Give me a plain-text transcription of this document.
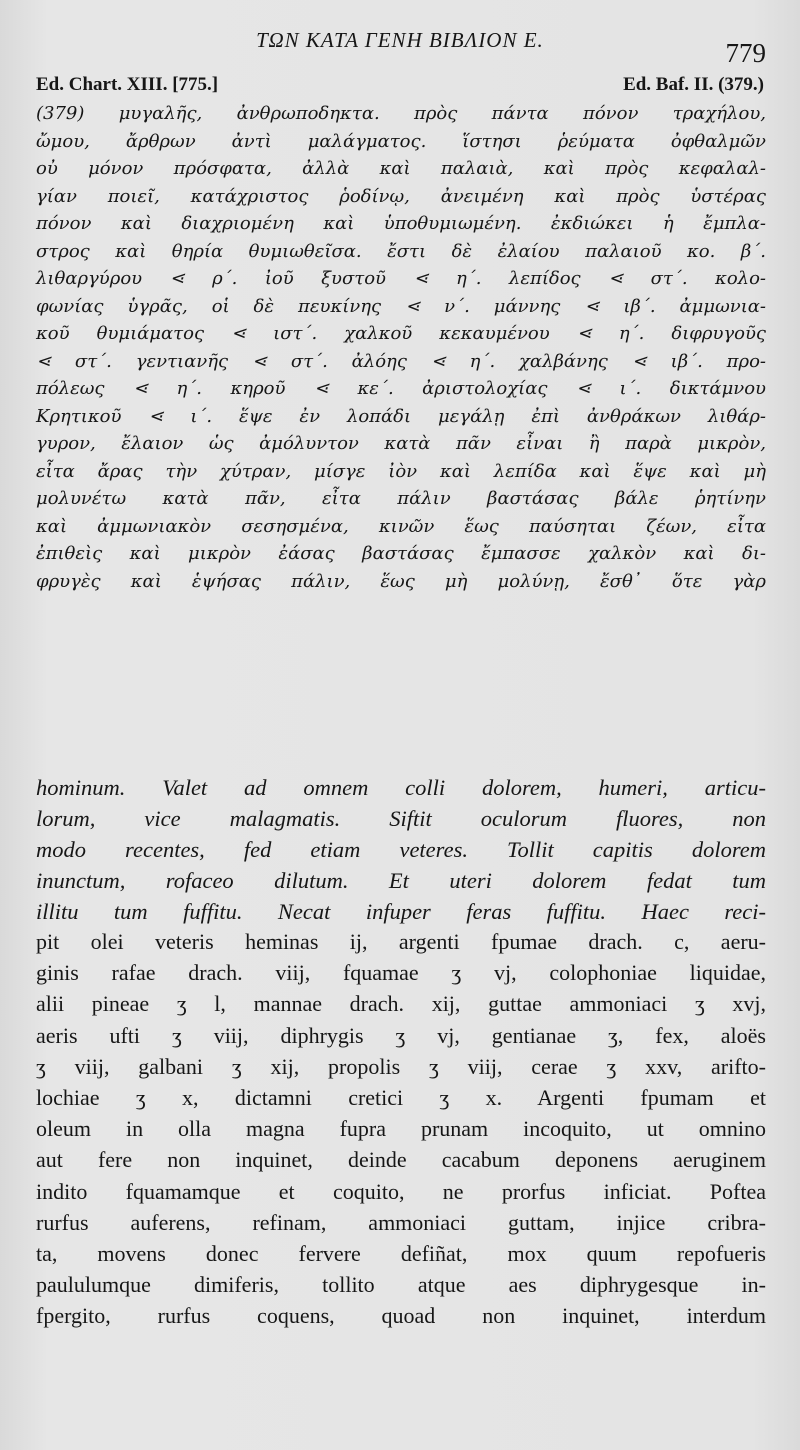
ΤΩΝ ΚΑΤΑ ΓΕΝΗ ΒΙΒΛΙΟΝ Ε.	779
Ed. Chart. XIII. [775.]	Ed. Baf. II. (379.)
(379) μυγαλῆς, ἀνθρωποδηκτα. πρὸς πάντα πόνον τραχήλου,
ὤμου, ἄρθρων ἀντὶ μαλάγματος. ἵστησι ῥεύματα ὀφθαλμῶν
οὐ μόνον πρόσφατα, ἀλλὰ καὶ παλαιὰ, καὶ πρὸς κεφαλαλ-
γίαν ποιεῖ, κατάχριστος ῥοδίνῳ, ἀνειμένη καὶ πρὸς ὑστέρας
πόνον καὶ διαχριομένη καὶ ὑποθυμιωμένη. ἐκδιώκει ἡ ἔμπλα-
στρος καὶ θηρία θυμιωθεῖσα. ἔστι δὲ ἐλαίου παλαιοῦ κο. β΄.
λιθαργύρου ⋖ ρ΄. ἰοῦ ξυστοῦ ⋖ η΄. λεπίδος ⋖ στ΄. κολο-
φωνίας ὑγρᾶς, οἱ δὲ πευκίνης ⋖ ν΄. μάννης ⋖ ιβ΄. ἀμμωνια-
κοῦ θυμιάματος ⋖ ιστ΄. χαλκοῦ κεκαυμένου ⋖ η΄. διφρυγοῦς
⋖ στ΄. γεντιανῆς ⋖ στ΄. ἀλόης ⋖ η΄. χαλβάνης ⋖ ιβ΄. προ-
πόλεως ⋖ η΄. κηροῦ ⋖ κε΄. ἀριστολοχίας ⋖ ι΄. δικτάμνου
Κρητικοῦ ⋖ ι΄. ἕψε ἐν λοπάδι μεγάλῃ ἐπὶ ἀνθράκων λιθάρ-
γυρον, ἔλαιον ὡς ἀμόλυντον κατὰ πᾶν εἶναι ἢ παρὰ μικρὸν,
εἶτα ἄρας τὴν χύτραν, μίσγε ἰὸν καὶ λεπίδα καὶ ἕψε καὶ μὴ
μολυνέτω κατὰ πᾶν, εἶτα πάλιν βαστάσας βάλε ῥητίνην
καὶ ἀμμωνιακὸν σεσησμένα, κινῶν ἕως παύσηται ζέων, εἶτα
ἐπιθεὶς καὶ μικρὸν ἐάσας βαστάσας ἔμπασσε χαλκὸν καὶ δι-
φρυγὲς καὶ ἑψήσας πάλιν, ἕως μὴ μολύνῃ, ἔσθ᾽ ὅτε γὰρ
hominum. Valet ad omnem colli dolorem, humeri, articu-
lorum, vice malagmatis. Siftit oculorum fluores, non
modo recentes, fed etiam veteres. Tollit capitis dolorem
inunctum, rofaceo dilutum. Et uteri dolorem fedat tum
illitu tum fuffitu. Necat infuper feras fuffitu. Haec reci-
pit olei veteris heminas ij, argenti fpumae drach. c, aeru-
ginis rafae drach. viij, fquamae ʒ vj, colophoniae liquidae,
alii pineae ʒ l, mannae drach. xij, guttae ammoniaci ʒ xvj,
aeris ufti ʒ viij, diphrygis ʒ vj, gentianae ʒ, fex, aloës
ʒ viij, galbani ʒ xij, propolis ʒ viij, cerae ʒ xxv, arifto-
lochiae ʒ x, dictamni cretici ʒ x. Argenti fpumam et
oleum in olla magna fupra prunam incoquito, ut omnino
aut fere non inquinet, deinde cacabum deponens aeruginem
indito fquamamque et coquito, ne prorfus inficiat. Poftea
rurfus auferens, refinam, ammoniaci guttam, injice cribra-
ta, movens donec fervere defiñat, mox quum repofueris
paululumque dimiferis, tollito atque aes diphrygesque in-
fpergito, rurfus coquens, quoad non inquinet, interdum
